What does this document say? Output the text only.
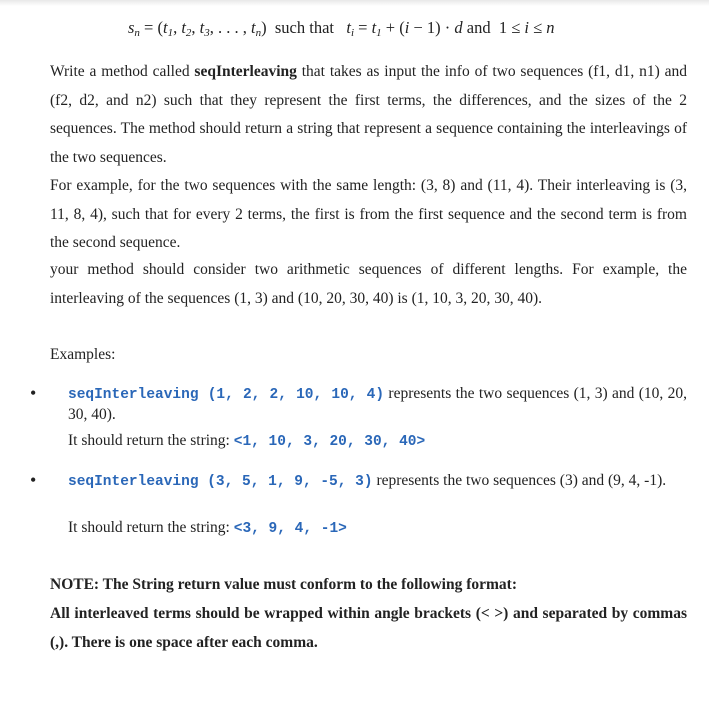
$s_n = (t_1$, $t_2$, $t_3$, . . . , $t_n$) such that $t_i = t_1 + (i - 1) \cdot d$ and 1 ≤ i ≤ n
Write a method called seqInterleaving that takes as input the info of two sequences (f1, d1, n1) and (f2, d2, and n2) such that they represent the first terms, the differences, and the sizes of the 2 sequences. The method should return a string that represent a sequence containing the interleavings of the two sequences.
For example, for the two sequences with the same length: (3, 8) and (11, 4). Their interleaving is (3, 11, 8, 4), such that for every 2 terms, the first is from the first sequence and the second term is from the second sequence.
your method should consider two arithmetic sequences of different lengths. For example, the interleaving of the sequences (1, 3) and (10, 20, 30, 40) is (1, 10, 3, 20, 30, 40).
Examples:
• seqInterleaving (1, 2, 2, 10, 10, 4) represents the two sequences (1, 3) and (10, 20, 30, 40).
It should return the string: <1, 10, 3, 20, 30, 40>
• seqInterleaving (3, 5, 1, 9, -5, 3) represents the two sequences (3) and (9, 4, -1).
It should return the string: <3, 9, 4, -1>
NOTE: The String return value must conform to the following format:
All interleaved terms should be wrapped within angle brackets (< >) and separated by commas (,). There is one space after each comma.
